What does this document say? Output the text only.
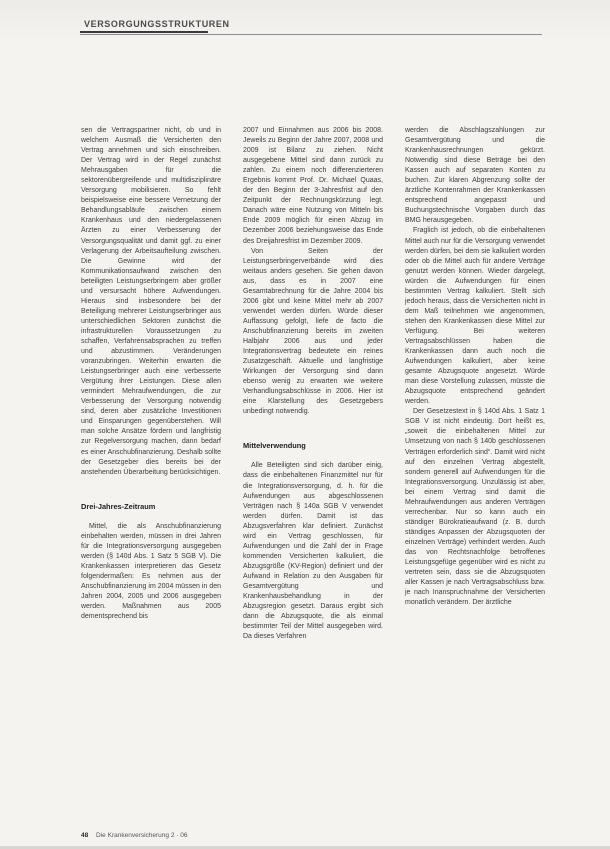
VERSORGUNGSSTRUKTUREN

sen die Vertragspartner nicht, ob und in welchem Ausmaß die Versicherten den Vertrag annehmen und sich einschreiben. Der Vertrag wird in der Regel zunächst Mehrausgaben für die sektorenübergreifende und multidisziplinäre Versorgung mobilisieren. So fehlt beispielsweise eine bessere Vernetzung der Behandlungsabläufe zwischen einem Krankenhaus und den niedergelassenen Ärzten zu einer Verbesserung der Versorgungsqualität und damit ggf. zu einer Verlagerung der Arbeitsaufteilung zwischen. Die Gewinne wird der Kommunikationsaufwand zwischen den beteiligten Leistungserbringern aber größer und versursacht höhere Aufwendungen. Hieraus sind insbesondere bei der Beteiligung mehrerer Leistungserbringer aus unterschiedlichen Sektoren zunächst die infrastrukturellen Voraussetzungen zu schaffen, Verfahrensabsprachen zu treffen und abzustimmen. Veränderungen voranzubringen. Weiterhin erwarten die Leistungserbringer auch eine verbesserte Vergütung ihrer Leistungen. Diese allen vermindert Mehraufwendungen, die zur Verbesserung der Versorgung notwendig sind, deren aber zusätzliche Investitionen und Einsparungen gegenüberstehen. Will man solche Ansätze fördern und langfristig zur Regelversorgung machen, dann bedarf es einer Anschubfinanzierung. Deshalb sollte der Gesetzgeber dies bereits bei der anstehenden Überarbeitung berücksichtigen.

Drei-Jahres-Zeitraum

Mittel, die als Anschubfinanzierung einbehalten werden, müssen in drei Jahren für die Integrationsversorgung ausgegeben werden (§ 140d Abs. 1 Satz 5 SGB V). Die Krankenkassen interpretieren das Gesetz folgendermaßen: Es nehmen aus der Anschubfinanzierung im 2004 müssen in den Jahren 2004, 2005 und 2006 ausgegeben werden. Maßnahmen aus 2005 dementsprechend bis

2007 und Einnahmen aus 2006 bis 2008. Jeweils zu Beginn der Jahre 2007, 2008 und 2009 ist Bilanz zu ziehen. Nicht ausgegebene Mittel sind dann zurück zu zahlen. Zu einem noch differenzierteren Ergebnis kommt Prof. Dr. Michael Quaas, der den Beginn der 3-Jahresfrist auf den Zeitpunkt der Rechnungskürzung legt. Danach wäre eine Nutzung von Mitteln bis Ende 2009 möglich für einen Abzug im Dezember 2006 beziehungsweise das Ende des Dreijahresfrist im Dezember 2009.

Von Seiten der Leistungserbringerverbände wird dies weitaus anders gesehen. Sie gehen davon aus, dass es in 2007 eine Gesamtabrechnung für die Jahre 2004 bis 2006 gibt und keine Mittel mehr ab 2007 verwendet werden dürfen. Würde dieser Auffassung gefolgt, liefe de facto die Anschubfinanzierung bereits im zweiten Halbjahr 2006 aus und jeder Integrationsvertrag bedeutete ein reines Zusatzgeschäft. Aktuelle und langfristige Wirkungen der Versorgung sind dann ebenso wenig zu erwarten wie weitere Verhandlungsabschlüsse in 2006. Hier ist eine Klarstellung des Gesetzgebers unbedingt notwendig.

Mittelverwendung

Alle Beteiligten sind sich darüber einig, dass die einbehaltenen Finanzmittel nur für die Integrationsversorgung, d. h. für die Aufwendungen aus abgeschlossenen Verträgen nach § 140a SGB V verwendet werden dürfen. Damit ist das Abzugsverfahren klar definiert. Zunächst wird ein Vertrag geschlossen, für Aufwendungen und die Zahl der in Frage kommenden Versicherten kalkuliert, die Abzugsgröße (KV-Region) definiert und der Aufwand in Relation zu den Ausgaben für Gesamtvergütung und Krankenhausbehandlung in der Abzugsregion gesetzt. Daraus ergibt sich dann die Abzugsquote, die als einmal bestimmter Teil der Mittel ausgegeben wird. Da dieses Verfahren

werden die Abschlagszahlungen zur Gesamtvergütung und die Krankenhausrechnungen gekürzt. Notwendig sind diese Beträge bei den Kassen auch auf separaten Konten zu buchen. Zur klaren Abgrenzung sollte der ärztliche Kontenrahmen der Krankenkassen entsprechend angepasst und Buchungstechnische Vorgaben durch das BMG herausgegeben.

Fraglich ist jedoch, ob die einbehaltenen Mittel auch nur für die Versorgung verwendet werden dürfen, bei dem sie kalkuliert worden oder ob die Mittel auch für andere Verträge genutzt werden können. Wieder dargelegt, würden die Aufwendungen für einen bestimmten Vertrag kalkuliert. Stellt sich jedoch heraus, dass die Versicherten nicht in dem Maß teilnehmen wie angenommen, stehen den Krankenkassen diese Mittel zur Verfügung. Bei weiteren Vertragsabschlüssen haben die Krankenkassen dann auch noch die Aufwendungen kalkuliert, aber keine gesamte Abzugsquote angesetzt. Würde man diese Vorstellung zulassen, müsste die Abzugsquote entsprechend geändert werden.

Der Gesetzestext in § 140d Abs. 1 Satz 1 SGB V ist nicht eindeutig. Dort heißt es, „soweit die einbehaltenen Mittel zur Umsetzung von nach § 140b geschlossenen Verträgen erforderlich sind“. Damit wird nicht auf den einzelnen Vertrag abgestellt, sondern generell auf Aufwendungen für die Integrationsversorgung. Unzulässig ist aber, bei einem Vertrag sind damit die Mehraufwendungen aus anderen Verträgen verrechenbar. Nur so kann auch ein ständiger Bürokratieaufwand (z. B. durch ständiges Anpassen der Abzugsquoten der einzelnen Verträge) verhindert werden. Auch das von Rechtsnachfolge betroffenes Leistungsgefüge gegenüber wird es nicht zu vertreten sein, dass sie die Abzugsquoten aller Kassen je nach Vertragsabschluss bzw. je nach Inanspruchnahme der Versicherten monatlich verändern. Der ärztliche

48 Die Krankenversicherung 2 · 06
